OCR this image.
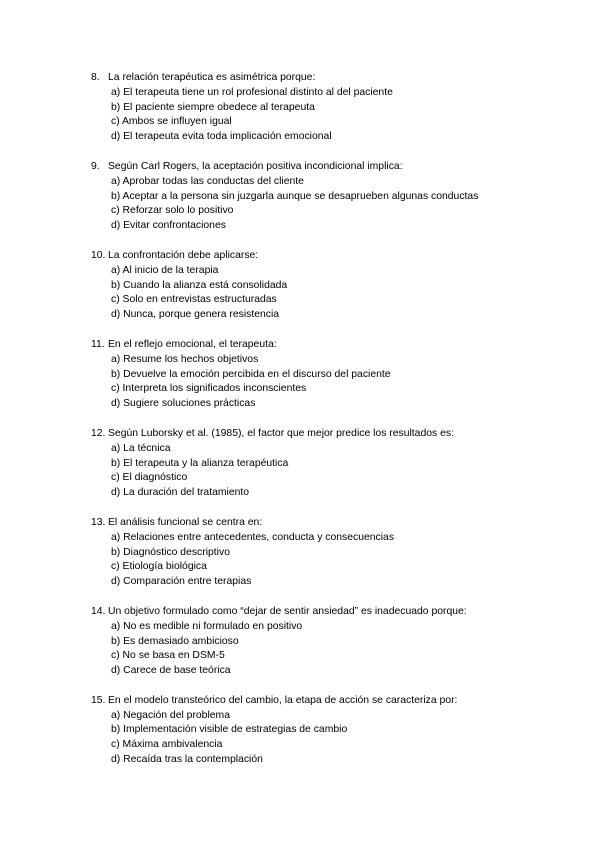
8. La relación terapéutica es asimétrica porque:
a) El terapeuta tiene un rol profesional distinto al del paciente
b) El paciente siempre obedece al terapeuta
c) Ambos se influyen igual
d) El terapeuta evita toda implicación emocional
9. Según Carl Rogers, la aceptación positiva incondicional implica:
a) Aprobar todas las conductas del cliente
b) Aceptar a la persona sin juzgarla aunque se desaprueben algunas conductas
c) Reforzar solo lo positivo
d) Evitar confrontaciones
10. La confrontación debe aplicarse:
a) Al inicio de la terapia
b) Cuando la alianza está consolidada
c) Solo en entrevistas estructuradas
d) Nunca, porque genera resistencia
11. En el reflejo emocional, el terapeuta:
a) Resume los hechos objetivos
b) Devuelve la emoción percibida en el discurso del paciente
c) Interpreta los significados inconscientes
d) Sugiere soluciones prácticas
12. Según Luborsky et al. (1985), el factor que mejor predice los resultados es:
a) La técnica
b) El terapeuta y la alianza terapéutica
c) El diagnóstico
d) La duración del tratamiento
13. El análisis funcional se centra en:
a) Relaciones entre antecedentes, conducta y consecuencias
b) Diagnóstico descriptivo
c) Etiología biológica
d) Comparación entre terapias
14. Un objetivo formulado como “dejar de sentir ansiedad” es inadecuado porque:
a) No es medible ni formulado en positivo
b) Es demasiado ambicioso
c) No se basa en DSM-5
d) Carece de base teórica
15. En el modelo transteórico del cambio, la etapa de acción se caracteriza por:
a) Negación del problema
b) Implementación visible de estrategias de cambio
c) Máxima ambivalencia
d) Recaída tras la contemplación
